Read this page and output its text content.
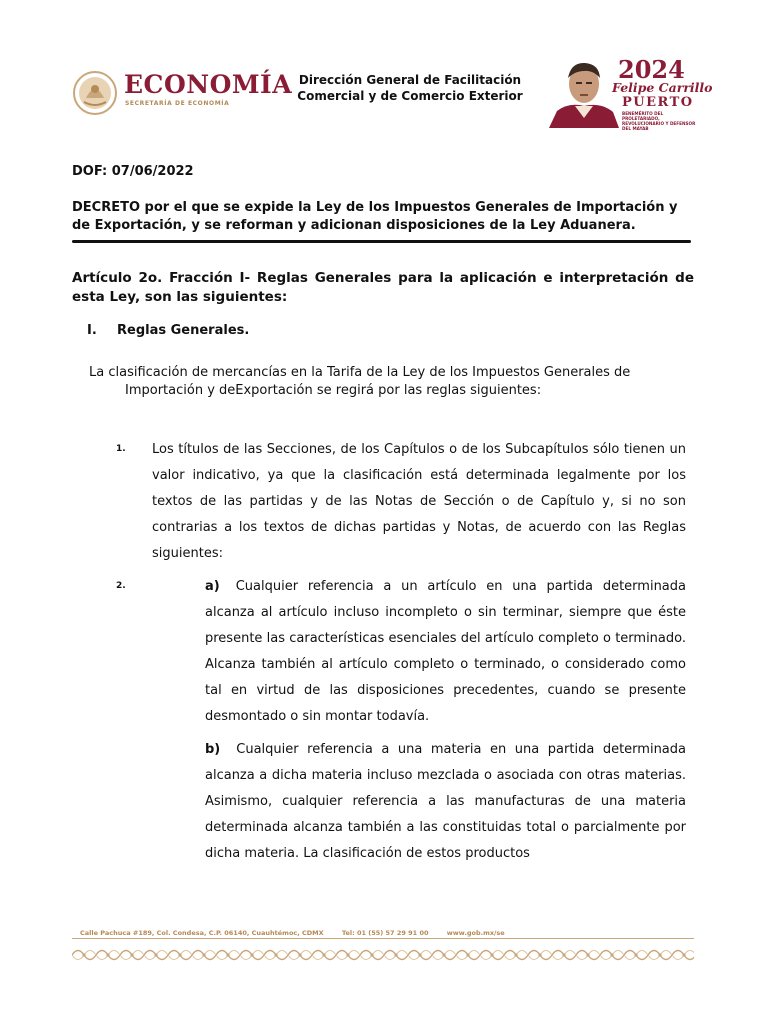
ECONOMÍA
SECRETARÍA DE ECONOMÍA
Dirección General de Facilitación
Comercial y de Comercio Exterior
2024
Felipe Carrillo
PUERTO
BENEMÉRITO DEL PROLETARIADO, REVOLUCIONARIO Y DEFENSOR DEL MAYAB
DOF: 07/06/2022
DECRETO por el que se expide la Ley de los Impuestos Generales de Importación y de Exportación, y se reforman y adicionan disposiciones de la Ley Aduanera.
Artículo 2o. Fracción I- Reglas Generales para la aplicación e interpretación de esta Ley, son las siguientes:
I. Reglas Generales.
La clasificación de mercancías en la Tarifa de la Ley de los Impuestos Generales de
Importación y deExportación se regirá por las reglas siguientes:
1. Los títulos de las Secciones, de los Capítulos o de los Subcapítulos sólo tienen un valor indicativo, ya que la clasificación está determinada legalmente por los textos de las partidas y de las Notas de Sección o de Capítulo y, si no son contrarias a los textos de dichas partidas y Notas, de acuerdo con las Reglas siguientes:
2.	a) Cualquier referencia a un artículo en una partida determinada alcanza al artículo incluso incompleto o sin terminar, siempre que éste presente las características esenciales del artículo completo o terminado. Alcanza también al artículo completo o terminado, o considerado como tal en virtud de las disposiciones precedentes, cuando se presente desmontado o sin montar todavía.
b) Cualquier referencia a una materia en una partida determinada alcanza a dicha materia incluso mezclada o asociada con otras materias. Asimismo, cualquier referencia a las manufacturas de una materia determinada alcanza también a las constituidas total o parcialmente por dicha materia. La clasificación de estos productos
Calle Pachuca #189, Col. Condesa, C.P. 06140, Cuauhtémoc, CDMX	Tel: 01 (55) 57 29 91 00	www.gob.mx/se
